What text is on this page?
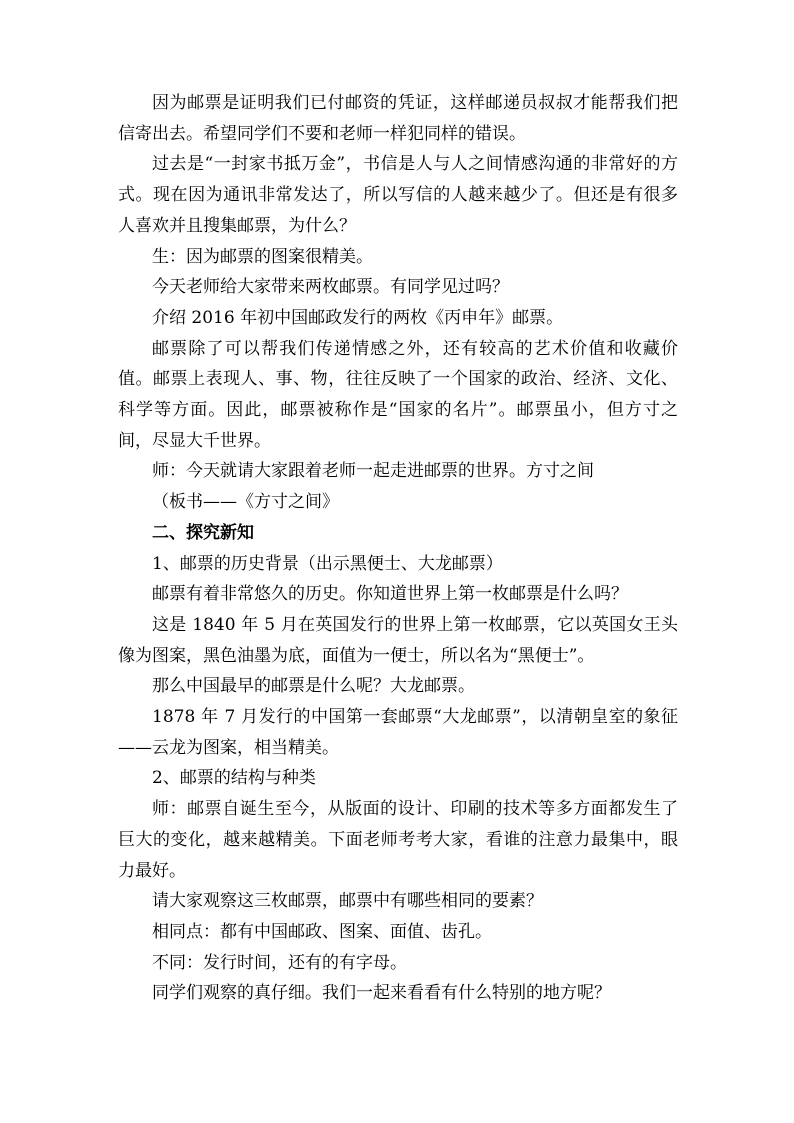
因为邮票是证明我们已付邮资的凭证，这样邮递员叔叔才能帮我们把信寄出去。希望同学们不要和老师一样犯同样的错误。

过去是“一封家书抵万金”，书信是人与人之间情感沟通的非常好的方式。现在因为通讯非常发达了，所以写信的人越来越少了。但还是有很多人喜欢并且搜集邮票，为什么？

生：因为邮票的图案很精美。

今天老师给大家带来两枚邮票。有同学见过吗？

介绍 2016 年初中国邮政发行的两枚《丙申年》邮票。

邮票除了可以帮我们传递情感之外，还有较高的艺术价值和收藏价值。邮票上表现人、事、物，往往反映了一个国家的政治、经济、文化、科学等方面。因此，邮票被称作是“国家的名片”。邮票虽小，但方寸之间，尽显大千世界。

师：今天就请大家跟着老师一起走进邮票的世界。方寸之间

（板书——《方寸之间》

二、探究新知

1、邮票的历史背景（出示黑便士、大龙邮票）

邮票有着非常悠久的历史。你知道世界上第一枚邮票是什么吗？

这是 1840 年 5 月在英国发行的世界上第一枚邮票，它以英国女王头像为图案，黑色油墨为底，面值为一便士，所以名为“黑便士”。

那么中国最早的邮票是什么呢？大龙邮票。

1878 年 7 月发行的中国第一套邮票“大龙邮票”，以清朝皇室的象征——云龙为图案，相当精美。

2、邮票的结构与种类

师：邮票自诞生至今，从版面的设计、印刷的技术等多方面都发生了巨大的变化，越来越精美。下面老师考考大家，看谁的注意力最集中，眼力最好。

请大家观察这三枚邮票，邮票中有哪些相同的要素？

相同点：都有中国邮政、图案、面值、齿孔。

不同：发行时间，还有的有字母。

同学们观察的真仔细。我们一起来看看有什么特别的地方呢？
